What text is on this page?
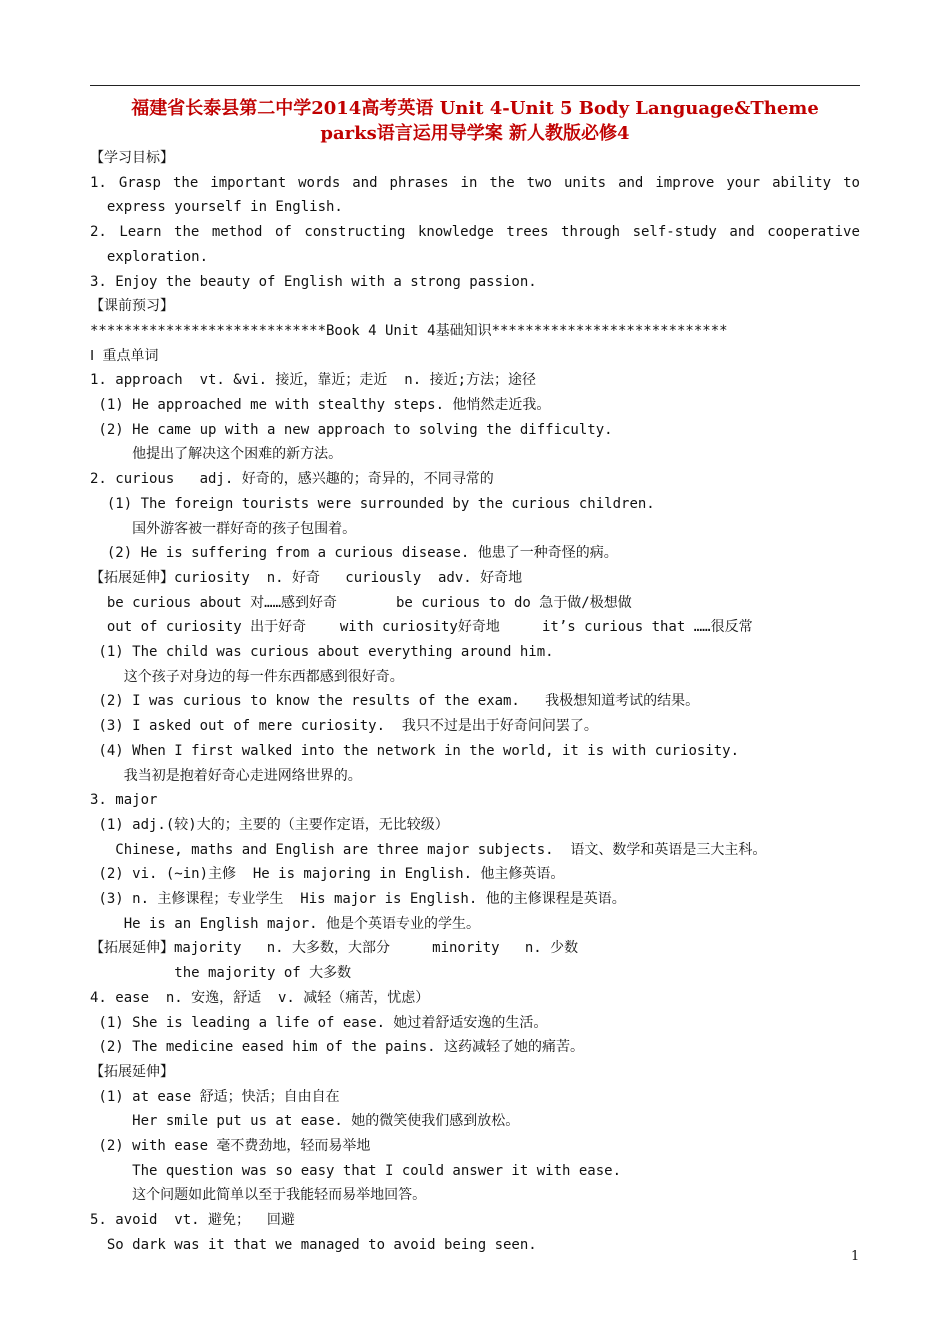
福建省长泰县第二中学2014高考英语 Unit 4-Unit 5 Body Language&Theme
parks语言运用导学案 新人教版必修4
【学习目标】
1. Grasp the important words and phrases in the two units and improve your ability to
express yourself in English.
2. Learn the method of constructing knowledge trees through self-study and cooperative
exploration.
3. Enjoy the beauty of English with a strong passion.
【课前预习】
****************************Book 4 Unit 4基础知识****************************
Ⅰ 重点单词
1. approach  vt. &vi. 接近，靠近；走近  n. 接近;方法；途径
(1) He approached me with stealthy steps. 他悄然走近我。
(2) He came up with a new approach to solving the difficulty.
他提出了解决这个困难的新方法。
2. curious   adj. 好奇的，感兴趣的；奇异的，不同寻常的
(1) The foreign tourists were surrounded by the curious children.
国外游客被一群好奇的孩子包围着。
(2) He is suffering from a curious disease. 他患了一种奇怪的病。
【拓展延伸】curiosity  n. 好奇   curiously  adv. 好奇地
be curious about 对……感到好奇       be curious to do 急于做/极想做
out of curiosity 出于好奇    with curiosity好奇地     it’s curious that ……很反常
(1) The child was curious about everything around him.
这个孩子对身边的每一件东西都感到很好奇。
(2) I was curious to know the results of the exam.   我极想知道考试的结果。
(3) I asked out of mere curiosity.  我只不过是出于好奇问问罢了。
(4) When I first walked into the network in the world, it is with curiosity.
我当初是抱着好奇心走进网络世界的。
3. major
(1) adj.(较)大的；主要的（主要作定语，无比较级）
Chinese, maths and English are three major subjects.  语文、数学和英语是三大主科。
(2) vi. (~in)主修  He is majoring in English. 他主修英语。
(3) n. 主修课程；专业学生  His major is English. 他的主修课程是英语。
He is an English major. 他是个英语专业的学生。
【拓展延伸】majority   n. 大多数，大部分     minority   n. 少数
the majority of 大多数
4. ease  n. 安逸，舒适  v. 减轻（痛苦，忧虑）
(1) She is leading a life of ease. 她过着舒适安逸的生活。
(2) The medicine eased him of the pains. 这药减轻了她的痛苦。
【拓展延伸】
(1) at ease 舒适；快活；自由自在
Her smile put us at ease. 她的微笑使我们感到放松。
(2) with ease 毫不费劲地，轻而易举地
The question was so easy that I could answer it with ease.
这个问题如此简单以至于我能轻而易举地回答。
5. avoid  vt. 避免；  回避
So dark was it that we managed to avoid being seen.
1
